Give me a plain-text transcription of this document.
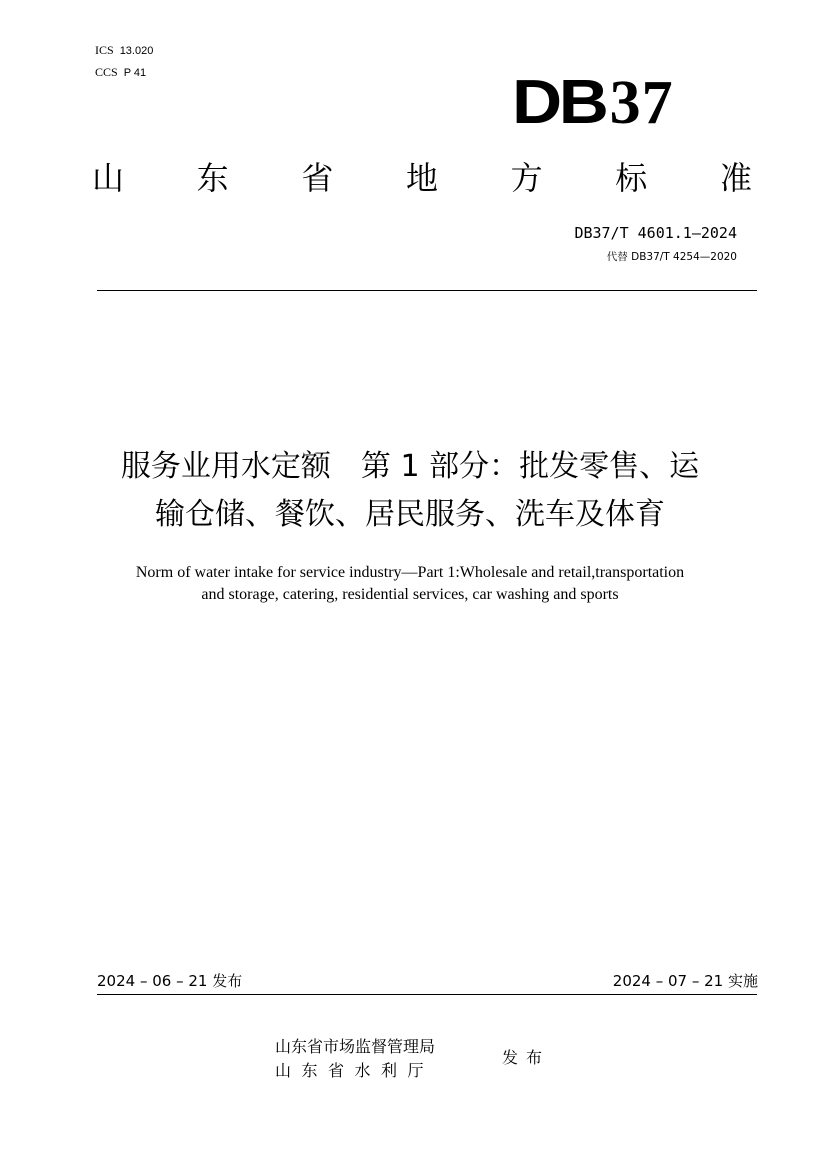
ICS 13.020
CCS P 41	DB37
山 东 省 地 方 标 准
DB37/T 4601.1—2024
代替 DB37/T 4254—2020
服务业用水定额　第 1 部分：批发零售、运
输仓储、餐饮、居民服务、洗车及体育
Norm of water intake for service industry—Part 1:Wholesale and retail,transportation
and storage, catering, residential services, car washing and sports
2024 – 06 – 21 发布	2024 – 07 – 21 实施
山东省市场监督管理局
山东省水利厅
发布
